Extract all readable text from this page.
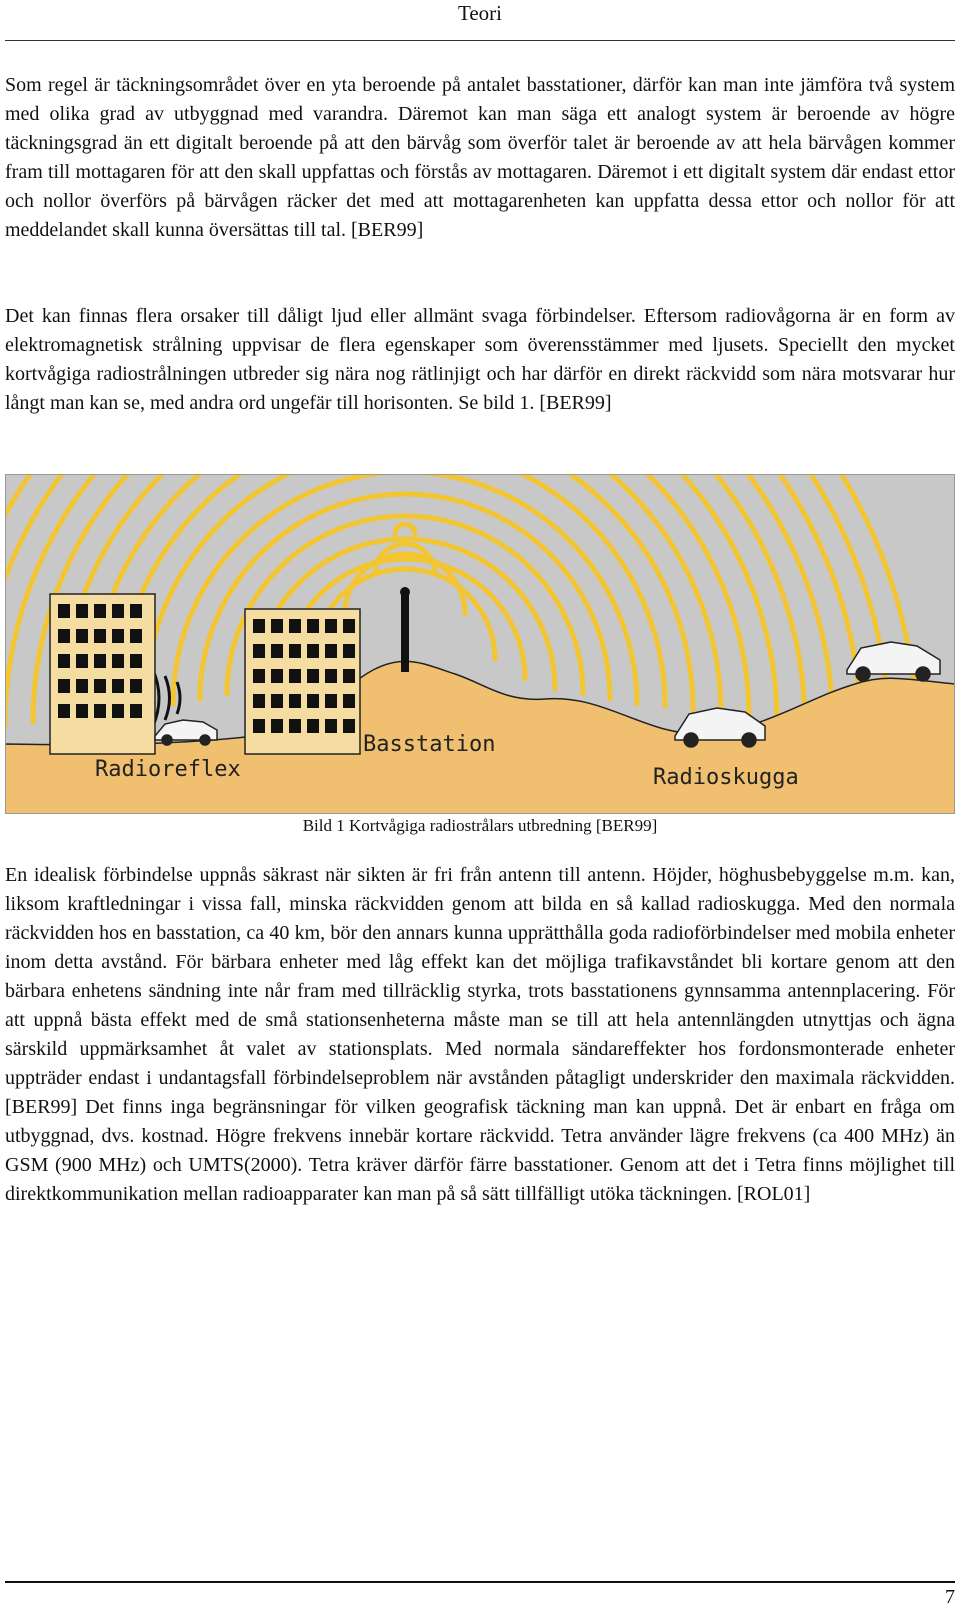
Teori

Som regel är täckningsområdet över en yta beroende på antalet basstationer, därför kan man inte jämföra två system med olika grad av utbyggnad med varandra. Däremot kan man säga ett analogt system är beroende av högre täckningsgrad än ett digitalt beroende på att den bärvåg som överför talet är beroende av att hela bärvågen kommer fram till mottagaren för att den skall uppfattas och förstås av mottagaren. Däremot i ett digitalt system där endast ettor och nollor överförs på bärvågen räcker det med att mottagarenheten kan uppfatta dessa ettor och nollor för att meddelandet skall kunna översättas till tal. [BER99]

Det kan finnas flera orsaker till dåligt ljud eller allmänt svaga förbindelser. Eftersom radiovågorna är en form av elektromagnetisk strålning uppvisar de flera egenskaper som överensstämmer med ljusets. Speciellt den mycket kortvågiga radiostrålningen utbreder sig nära nog rätlinjigt och har därför en direkt räckvidd som nära motsvarar hur långt man kan se, med andra ord ungefär till horisonten. Se bild 1. [BER99]

Radioreflex
Basstation
Radioskugga
Bild 1 Kortvågiga radiostrålars utbredning [BER99]

En idealisk förbindelse uppnås säkrast när sikten är fri från antenn till antenn. Höjder, höghusbebyggelse m.m. kan, liksom kraftledningar i vissa fall, minska räckvidden genom att bilda en så kallad radioskugga. Med den normala räckvidden hos en basstation, ca 40 km, bör den annars kunna upprätthålla goda radioförbindelser med mobila enheter inom detta avstånd. För bärbara enheter med låg effekt kan det möjliga trafikavståndet bli kortare genom att den bärbara enhetens sändning inte når fram med tillräcklig styrka, trots basstationens gynnsamma antennplacering. För att uppnå bästa effekt med de små stationsenheterna måste man se till att hela antennlängden utnyttjas och ägna särskild uppmärksamhet åt valet av stationsplats. Med normala sändareffekter hos fordonsmonterade enheter uppträder endast i undantagsfall förbindelseproblem när avstånden påtagligt underskrider den maximala räckvidden. [BER99] Det finns inga begränsningar för vilken geografisk täckning man kan uppnå. Det är enbart en fråga om utbyggnad, dvs. kostnad. Högre frekvens innebär kortare räckvidd. Tetra använder lägre frekvens (ca 400 MHz) än GSM (900 MHz) och UMTS(2000). Tetra kräver därför färre basstationer. Genom att det i Tetra finns möjlighet till direktkommunikation mellan radioapparater kan man på så sätt tillfälligt utöka täckningen. [ROL01]

7
